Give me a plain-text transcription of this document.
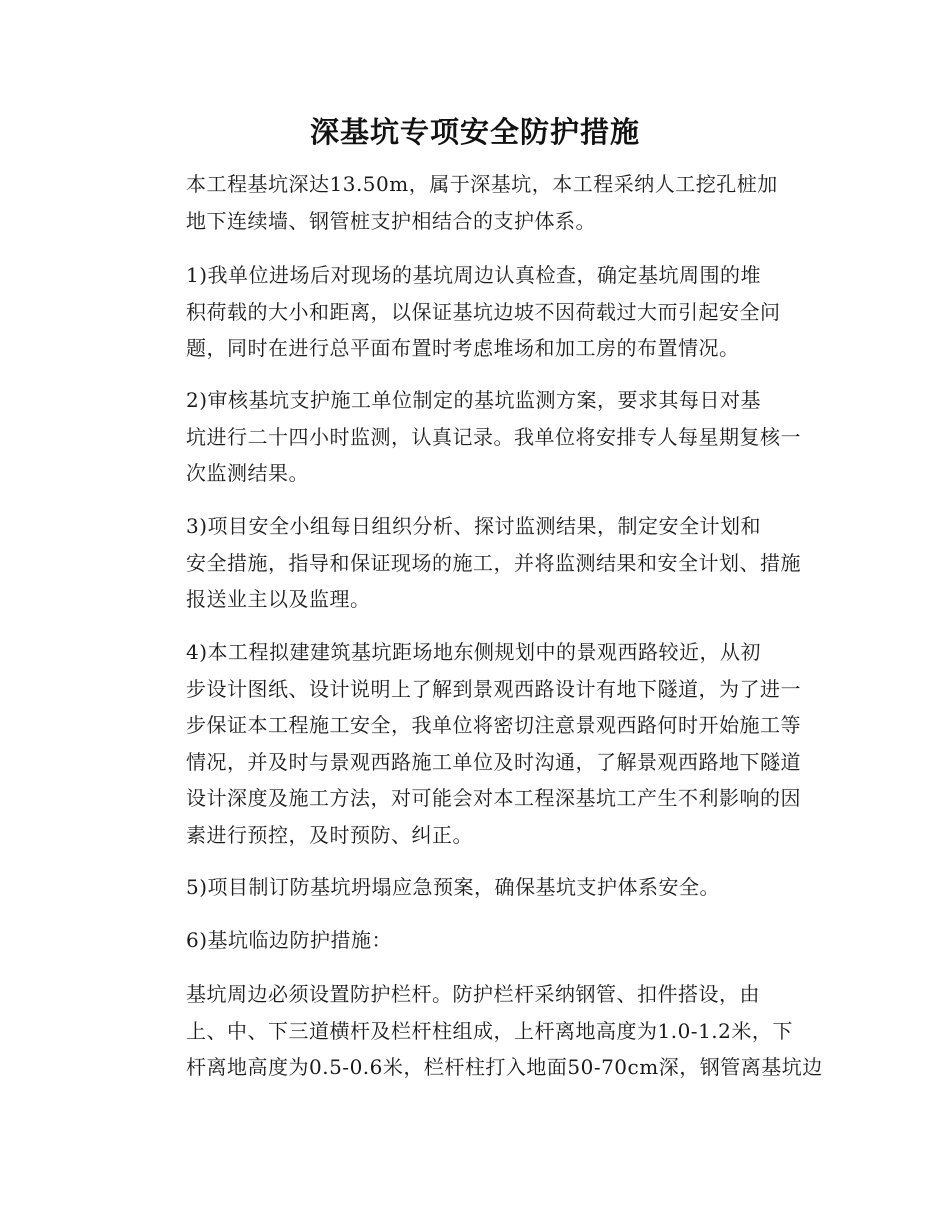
深基坑专项安全防护措施

本工程基坑深达13.50m，属于深基坑，本工程采纳人工挖孔桩加
地下连续墙、钢管桩支护相结合的支护体系。

1)我单位进场后对现场的基坑周边认真检查，确定基坑周围的堆
积荷载的大小和距离，以保证基坑边坡不因荷载过大而引起安全问
题，同时在进行总平面布置时考虑堆场和加工房的布置情况。

2)审核基坑支护施工单位制定的基坑监测方案，要求其每日对基
坑进行二十四小时监测，认真记录。我单位将安排专人每星期复核一
次监测结果。

3)项目安全小组每日组织分析、探讨监测结果，制定安全计划和
安全措施，指导和保证现场的施工，并将监测结果和安全计划、措施
报送业主以及监理。

4)本工程拟建建筑基坑距场地东侧规划中的景观西路较近，从初
步设计图纸、设计说明上了解到景观西路设计有地下隧道，为了进一
步保证本工程施工安全，我单位将密切注意景观西路何时开始施工等
情况，并及时与景观西路施工单位及时沟通，了解景观西路地下隧道
设计深度及施工方法，对可能会对本工程深基坑工产生不利影响的因
素进行预控，及时预防、纠正。

5)项目制订防基坑坍塌应急预案，确保基坑支护体系安全。

6)基坑临边防护措施：

基坑周边必须设置防护栏杆。防护栏杆采纳钢管、扣件搭设，由
上、中、下三道横杆及栏杆柱组成，上杆离地高度为1.0-1.2米，下
杆离地高度为0.5-0.6米，栏杆柱打入地面50-70cm深，钢管离基坑边
